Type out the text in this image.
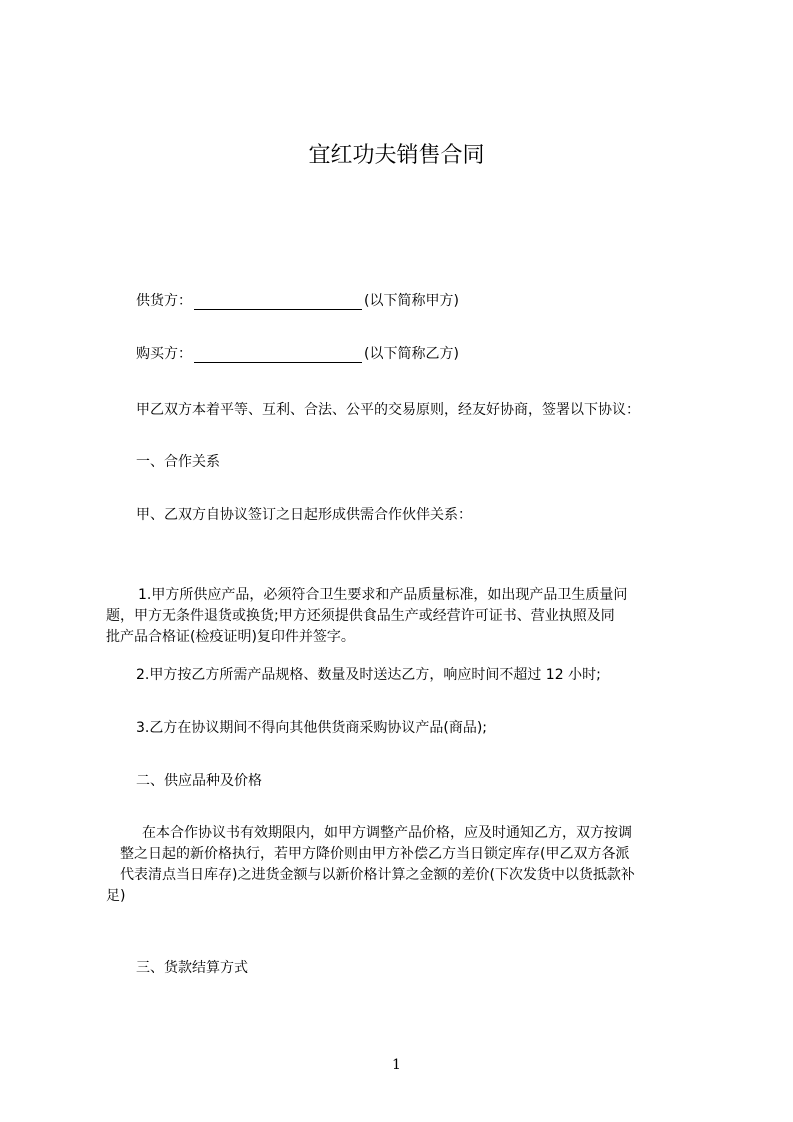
宜红功夫销售合同
供货方：	(以下简称甲方)
购买方：	(以下简称乙方)
甲乙双方本着平等、互利、合法、公平的交易原则，经友好协商，签署以下协议：
一、合作关系
甲、乙双方自协议签订之日起形成供需合作伙伴关系：
1.甲方所供应产品，必须符合卫生要求和产品质量标准，如出现产品卫生质量问
题，甲方无条件退货或换货;甲方还须提供食品生产或经营许可证书、营业执照及同
批产品合格证(检疫证明)复印件并签字。
2.甲方按乙方所需产品规格、数量及时送达乙方，响应时间不超过 12 小时;
3.乙方在协议期间不得向其他供货商采购协议产品(商品);
二、供应品种及价格
在本合作协议书有效期限内，如甲方调整产品价格，应及时通知乙方，双方按调
整之日起的新价格执行，若甲方降价则由甲方补偿乙方当日锁定库存(甲乙双方各派
代表清点当日库存)之进货金额与以新价格计算之金额的差价(下次发货中以货抵款补
足)
三、货款结算方式
1
